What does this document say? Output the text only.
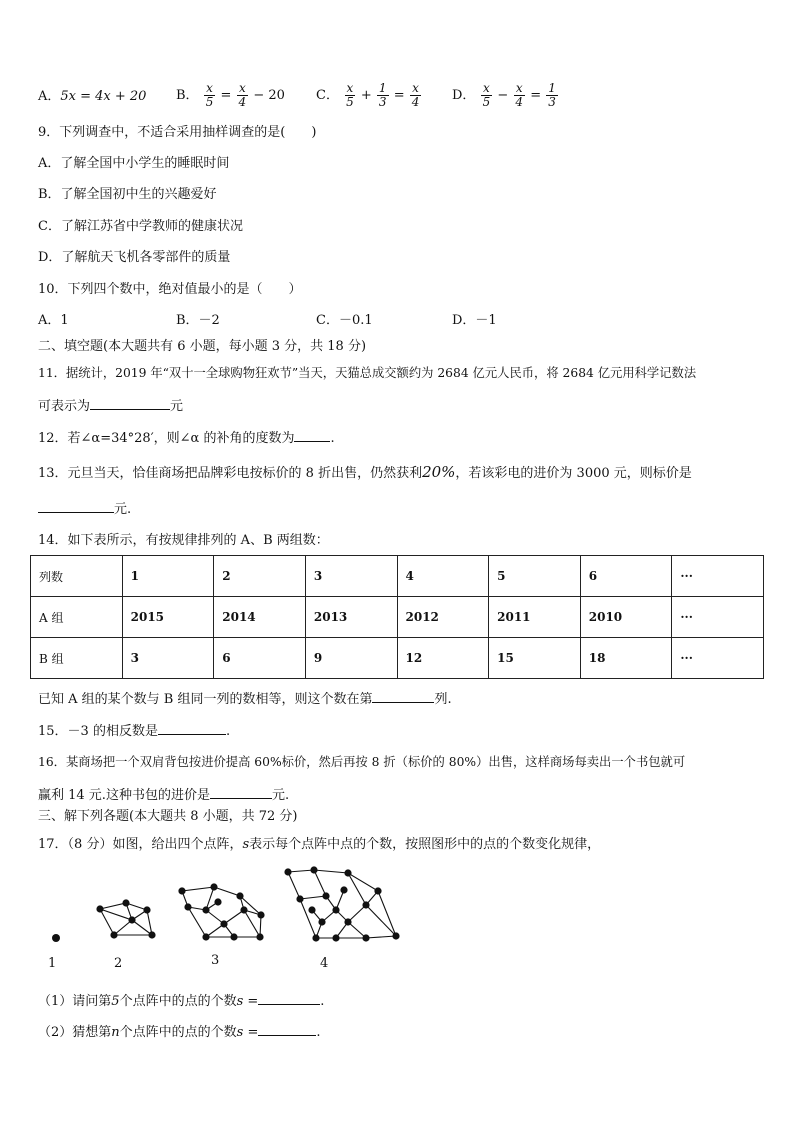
A．5x = 4x + 20 B． $\frac{x}{5} = \frac{x}{4} - 20$ C． $\frac{x}{5} + \frac{1}{3} = \frac{x}{4}$ D． $\frac{x}{5} - \frac{x}{4} = \frac{1}{3}$
9．下列调查中，不适合采用抽样调查的是(　　)
A．了解全国中小学生的睡眠时间
B．了解全国初中生的兴趣爱好
C．了解江苏省中学教师的健康状况
D．了解航天飞机各零部件的质量
10．下列四个数中，绝对值最小的是（　　）
A．1	B．－2	C．－0.1	D．－1
二、填空题(本大题共有 6 小题，每小题 3 分，共 18 分)
11．据统计，2019 年“双十一全球购物狂欢节”当天，天猫总成交额约为 2684 亿元人民币，将 2684 亿元用科学记数法
可表示为	元
12．若∠α=34°28′，则∠α 的补角的度数为	.
13．元旦当天，恰佳商场把品牌彩电按标价的 8 折出售，仍然获利20%，若该彩电的进价为 3000 元，则标价是
元.
14．如下表所示，有按规律排列的 A、B 两组数：
列数	1	2	3	4	5	6	···
A 组	2015	2014	2013	2012	2011	2010	···
B 组	3	6	9	12	15	18	···
已知 A 组的某个数与 B 组同一列的数相等，则这个数在第	列.
15．－3 的相反数是	.
16．某商场把一个双肩背包按进价提高 60%标价，然后再按 8 折（标价的 80%）出售，这样商场每卖出一个书包就可
赢利 14 元.这种书包的进价是	元.
三、解下列各题(本大题共 8 小题，共 72 分)
17．（8 分）如图，给出四个点阵，s表示每个点阵中点的个数，按照图形中的点的个数变化规律，
1	2	3	4
（1）请问第5个点阵中的点的个数s =	.
（2）猜想第n个点阵中的点的个数s =	.
